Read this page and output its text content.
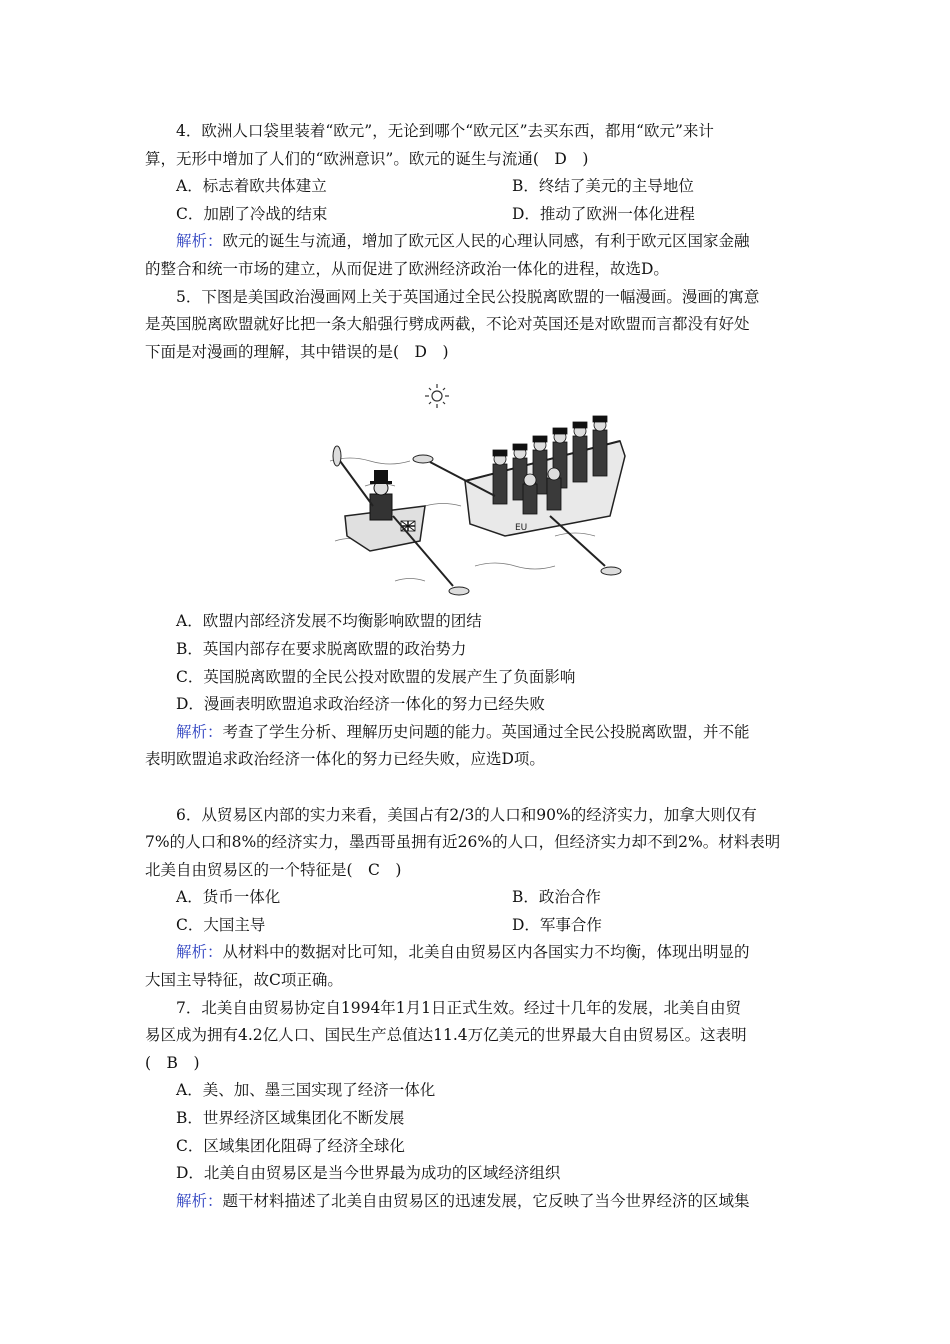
4．欧洲人口袋里装着“欧元”，无论到哪个“欧元区”去买东西，都用“欧元”来计
算，无形中增加了人们的“欧洲意识”。欧元的诞生与流通(　D　)
A．标志着欧共体建立	B．终结了美元的主导地位
C．加剧了冷战的结束	D．推动了欧洲一体化进程
解析：欧元的诞生与流通，增加了欧元区人民的心理认同感，有利于欧元区国家金融
的整合和统一市场的建立，从而促进了欧洲经济政治一体化的进程，故选D。
5．下图是美国政治漫画网上关于英国通过全民公投脱离欧盟的一幅漫画。漫画的寓意
是英国脱离欧盟就好比把一条大船强行劈成两截，不论对英国还是对欧盟而言都没有好处
下面是对漫画的理解，其中错误的是(　D　)
EU
A．欧盟内部经济发展不均衡影响欧盟的团结
B．英国内部存在要求脱离欧盟的政治势力
C．英国脱离欧盟的全民公投对欧盟的发展产生了负面影响
D．漫画表明欧盟追求政治经济一体化的努力已经失败
解析：考查了学生分析、理解历史问题的能力。英国通过全民公投脱离欧盟，并不能
表明欧盟追求政治经济一体化的努力已经失败，应选D项。
6．从贸易区内部的实力来看，美国占有2/3的人口和90%的经济实力，加拿大则仅有
7%的人口和8%的经济实力，墨西哥虽拥有近26%的人口，但经济实力却不到2%。材料表明
北美自由贸易区的一个特征是(　C　)
A．货币一体化	B．政治合作
C．大国主导	D．军事合作
解析：从材料中的数据对比可知，北美自由贸易区内各国实力不均衡，体现出明显的
大国主导特征，故C项正确。
7．北美自由贸易协定自1994年1月1日正式生效。经过十几年的发展，北美自由贸
易区成为拥有4.2亿人口、国民生产总值达11.4万亿美元的世界最大自由贸易区。这表明
(　B　)
A．美、加、墨三国实现了经济一体化
B．世界经济区域集团化不断发展
C．区域集团化阻碍了经济全球化
D．北美自由贸易区是当今世界最为成功的区域经济组织
解析：题干材料描述了北美自由贸易区的迅速发展，它反映了当今世界经济的区域集
